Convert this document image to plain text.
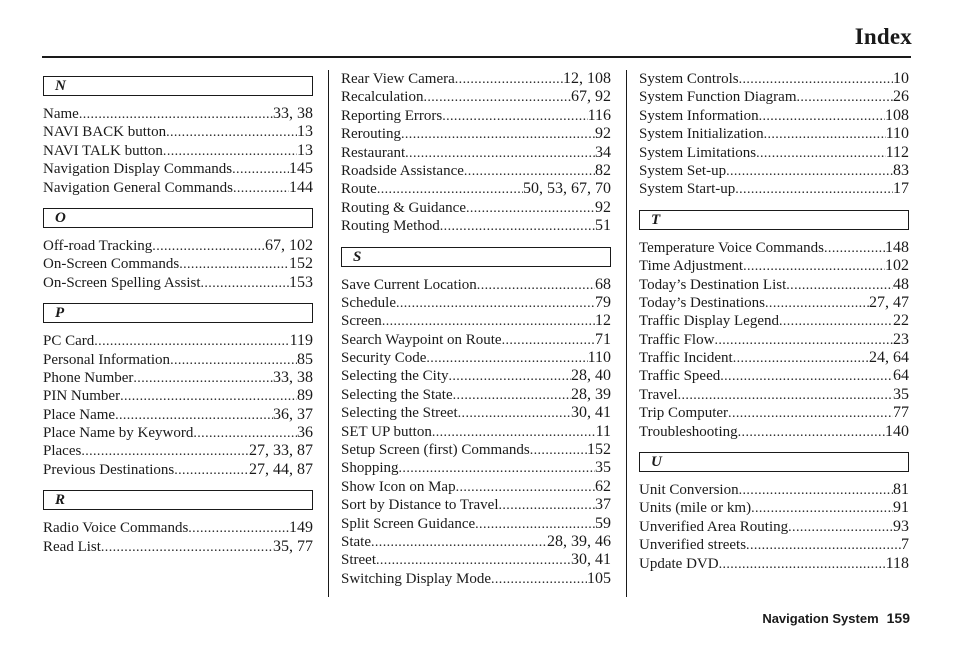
Index
N
Name .....	33, 38
NAVI BACK button .....	13
NAVI TALK button .....	13
Navigation Display Commands .....	145
Navigation General Commands .....	144
O
Off-road Tracking .....	67, 102
On-Screen Commands .....	152
On-Screen Spelling Assist .....	153
P
PC Card .....	119
Personal Information .....	85
Phone Number .....	33, 38
PIN Number .....	89
Place Name .....	36, 37
Place Name by Keyword .....	36
Places .....	27, 33, 87
Previous Destinations .....	27, 44, 87
R
Radio Voice Commands .....	149
Read List .....	35, 77
Rear View Camera .....	12, 108
Recalculation .....	67, 92
Reporting Errors .....	116
Rerouting .....	92
Restaurant .....	34
Roadside Assistance .....	82
Route .....	50, 53, 67, 70
Routing & Guidance .....	92
Routing Method .....	51
S
Save Current Location .....	68
Schedule .....	79
Screen .....	12
Search Waypoint on Route .....	71
Security Code .....	110
Selecting the City .....	28, 40
Selecting the State .....	28, 39
Selecting the Street .....	30, 41
SET UP button .....	11
Setup Screen (first) Commands .....	152
Shopping .....	35
Show Icon on Map .....	62
Sort by Distance to Travel .....	37
Split Screen Guidance .....	59
State .....	28, 39, 46
Street .....	30, 41
Switching Display Mode .....	105
System Controls .....	10
System Function Diagram .....	26
System Information .....	108
System Initialization .....	110
System Limitations .....	112
System Set-up .....	83
System Start-up .....	17
T
Temperature Voice Commands .....	148
Time Adjustment .....	102
Today’s Destination List .....	48
Today’s Destinations .....	27, 47
Traffic Display Legend .....	22
Traffic Flow .....	23
Traffic Incident .....	24, 64
Traffic Speed .....	64
Travel .....	35
Trip Computer .....	77
Troubleshooting .....	140
U
Unit Conversion .....	81
Units (mile or km) .....	91
Unverified Area Routing .....	93
Unverified streets .....	7
Update DVD .....	118
Navigation System 159
